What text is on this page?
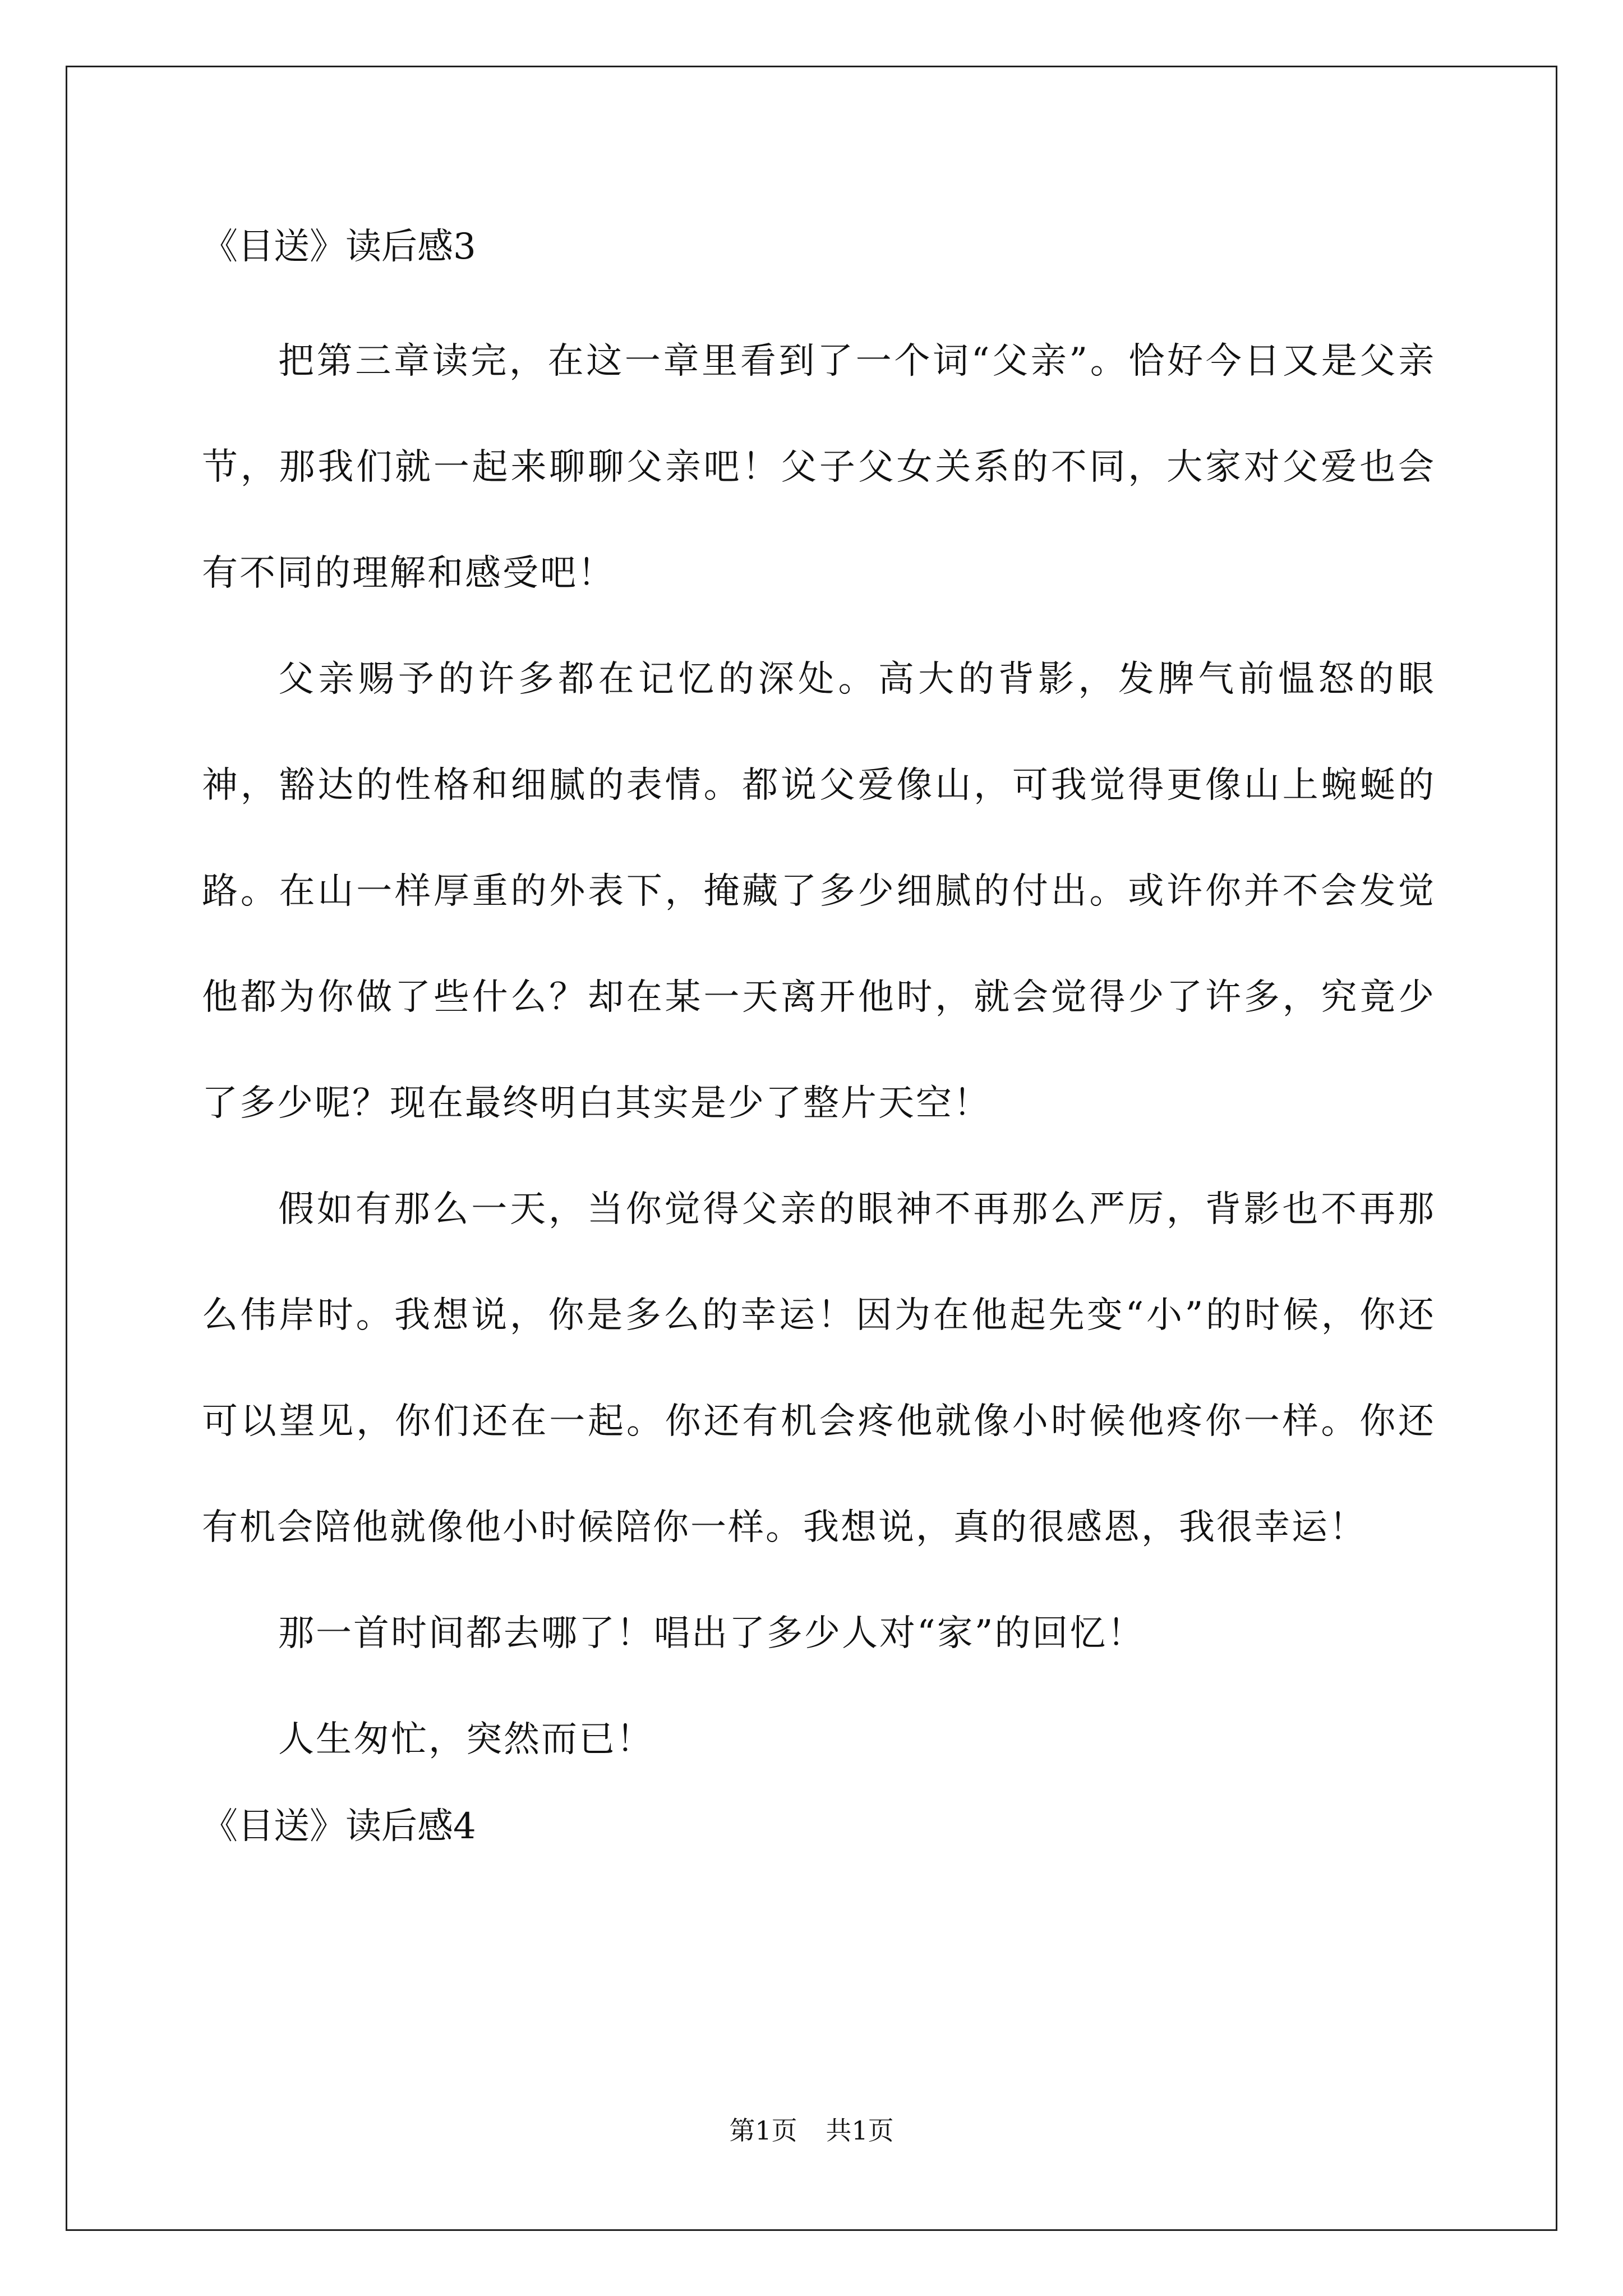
《目送》读后感3

把第三章读完，在这一章里看到了一个词“父亲”。恰好今日又是父亲节，那我们就一起来聊聊父亲吧！父子父女关系的不同，大家对父爱也会有不同的理解和感受吧！

父亲赐予的许多都在记忆的深处。高大的背影，发脾气前愠怒的眼神，豁达的性格和细腻的表情。都说父爱像山，可我觉得更像山上蜿蜒的路。在山一样厚重的外表下，掩藏了多少细腻的付出。或许你并不会发觉他都为你做了些什么？却在某一天离开他时，就会觉得少了许多，究竟少了多少呢？现在最终明白其实是少了整片天空！

假如有那么一天，当你觉得父亲的眼神不再那么严厉，背影也不再那么伟岸时。我想说，你是多么的幸运！因为在他起先变“小”的时候，你还可以望见，你们还在一起。你还有机会疼他就像小时候他疼你一样。你还有机会陪他就像他小时候陪你一样。我想说，真的很感恩，我很幸运！

那一首时间都去哪了！唱出了多少人对“家”的回忆！

人生匆忙，突然而已！

《目送》读后感4
第1页 共1页
